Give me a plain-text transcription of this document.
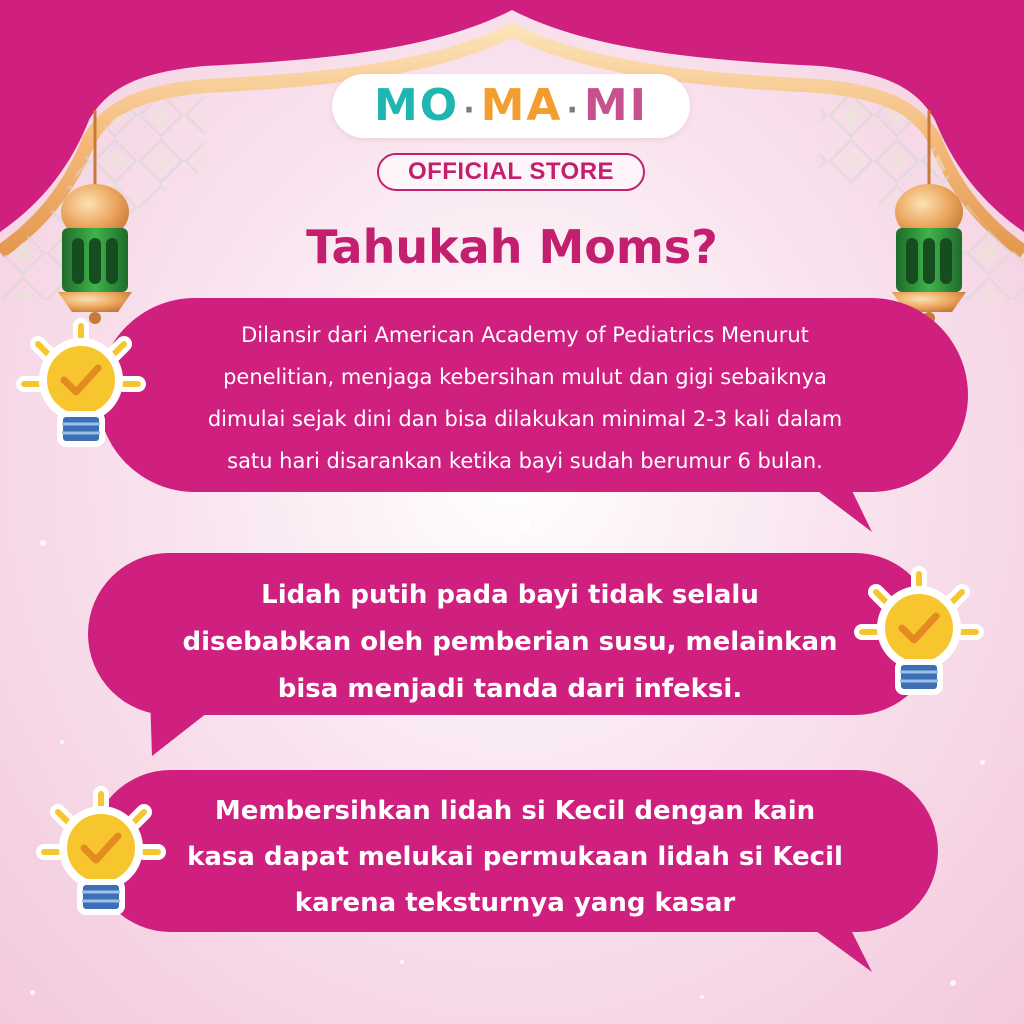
MO ·MA ·MI
OFFICIAL STORE
Tahukah Moms?

Dilansir dari American Academy of Pediatrics Menurut
penelitian, menjaga kebersihan mulut dan gigi sebaiknya
dimulai sejak dini dan bisa dilakukan minimal 2-3 kali dalam
satu hari disarankan ketika bayi sudah berumur 6 bulan.

Lidah putih pada bayi tidak selalu
disebabkan oleh pemberian susu, melainkan
bisa menjadi tanda dari infeksi.

Membersihkan lidah si Kecil dengan kain
kasa dapat melukai permukaan lidah si Kecil
karena teksturnya yang kasar
